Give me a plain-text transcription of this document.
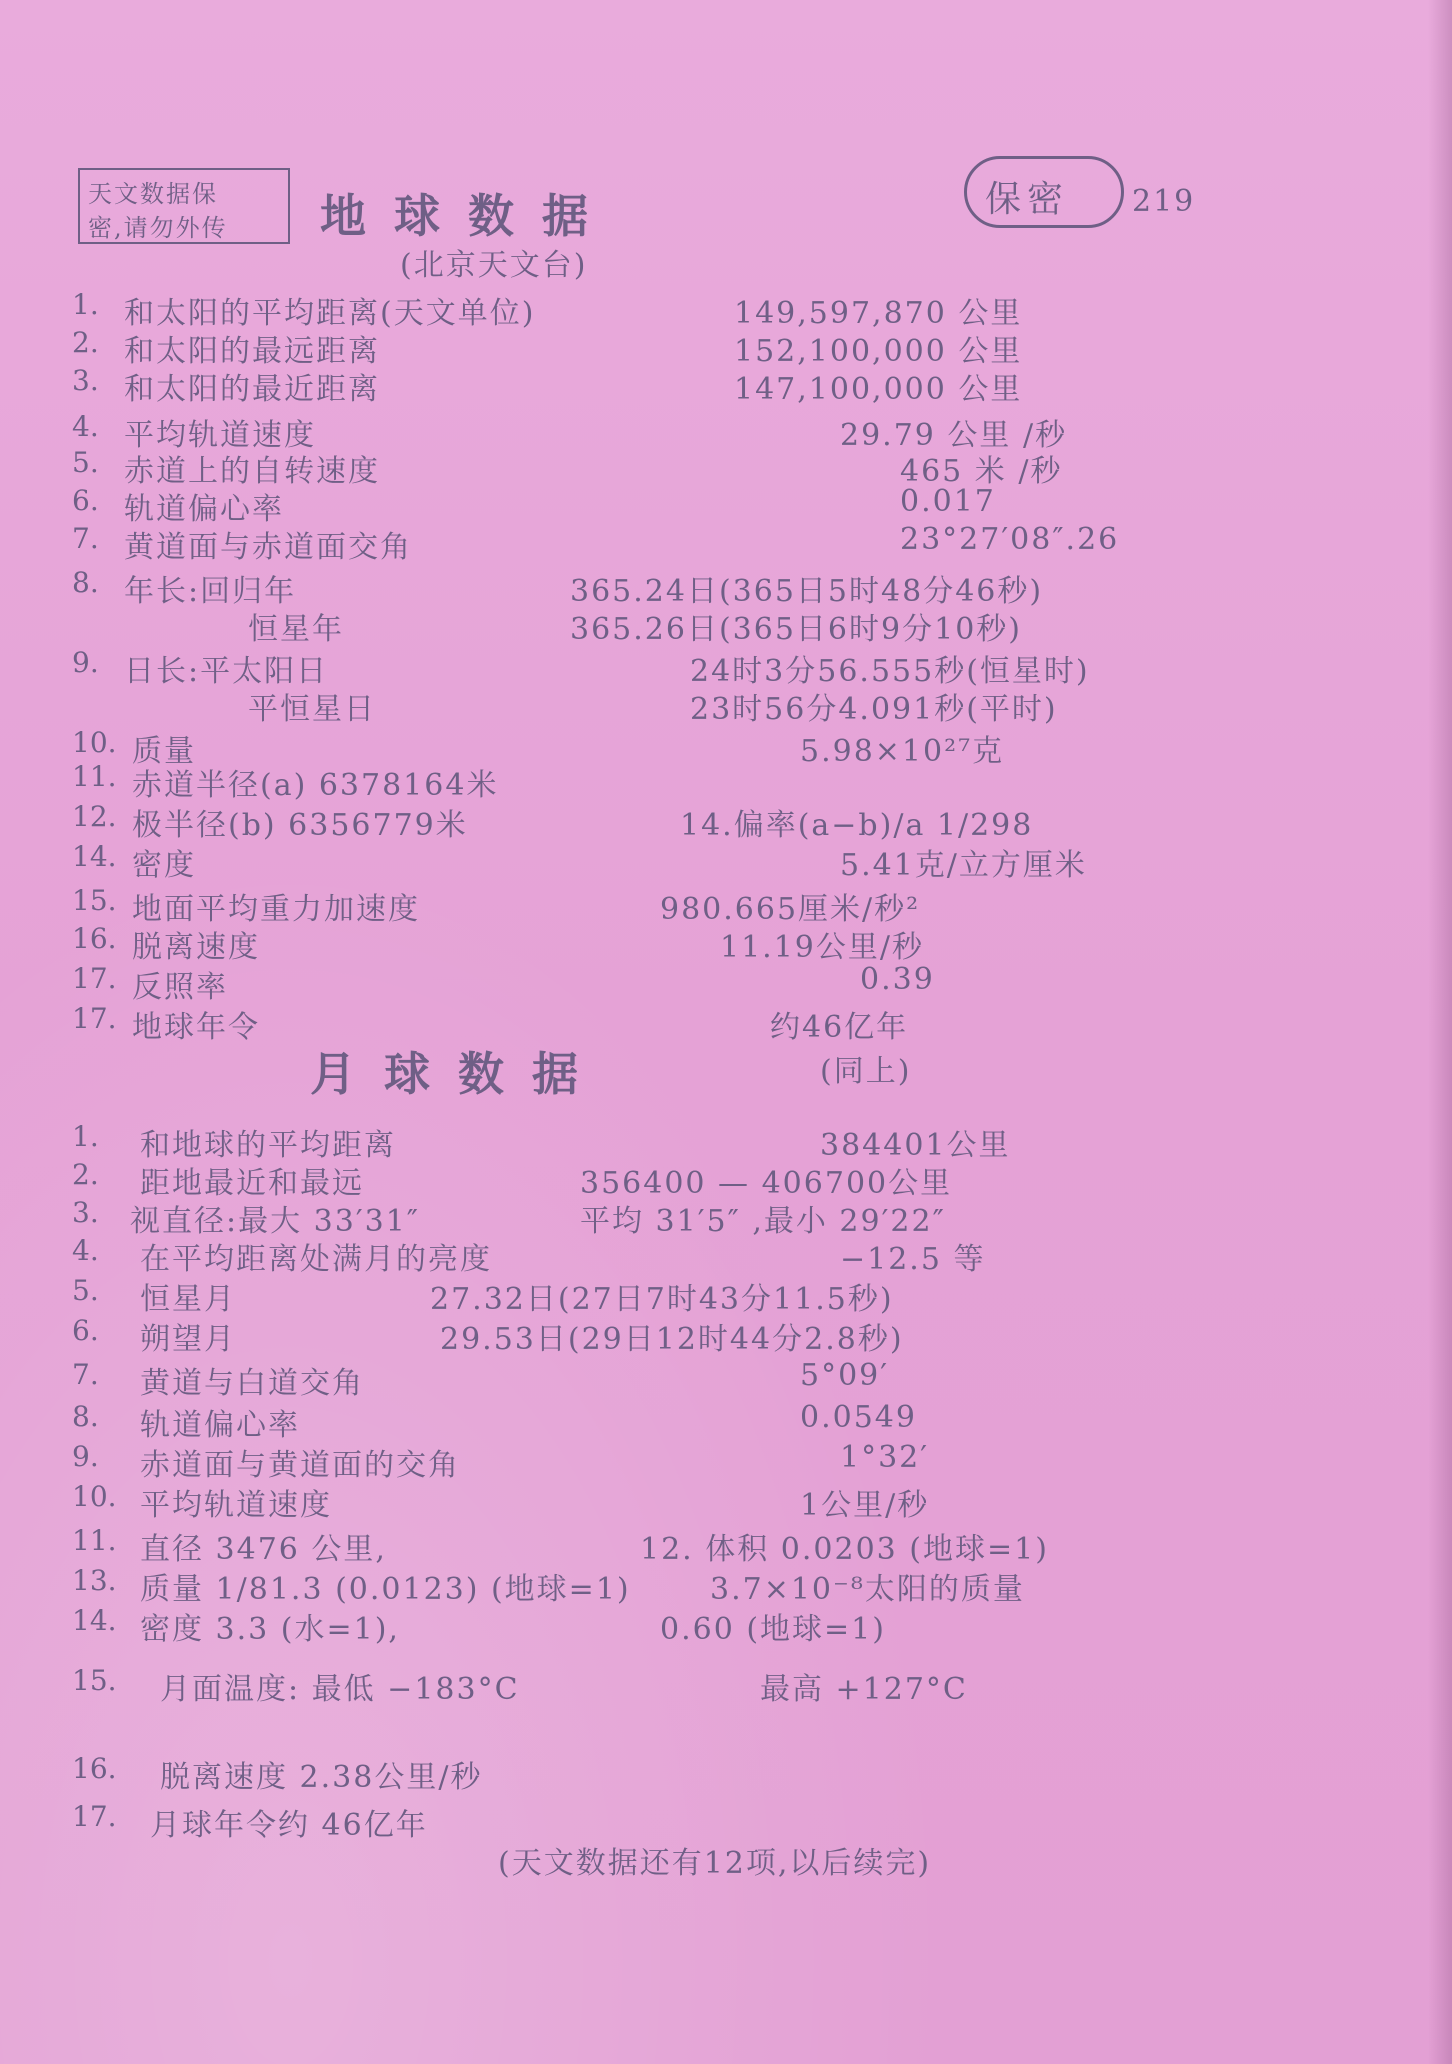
天文数据保
密,请勿外传 地 球 数 据	保密 219
(北京天文台)
1. 和太阳的平均距离(天文单位)	149,597,870 公里
2. 和太阳的最远距离	152,100,000 公里
3. 和太阳的最近距离	147,100,000 公里
4. 平均轨道速度	29.79 公里 /秒
5. 赤道上的自转速度	465 米 /秒
6. 轨道偏心率	0.017
7. 黄道面与赤道面交角	23°27′08″.26
8. 年长:回归年	365.24日(365日5时48分46秒)
恒星年	365.26日(365日6时9分10秒)
9. 日长:平太阳日	24时3分56.555秒(恒星时)
平恒星日	23时56分4.091秒(平时)
10. 质量	5.98×10²⁷克
11. 赤道半径(a) 6378164米
12. 极半径(b) 6356779米	14.偏率(a−b)/a 1/298
14. 密度	5.41克/立方厘米
15. 地面平均重力加速度	980.665厘米/秒²
16. 脱离速度	11.19公里/秒
17. 反照率	0.39
17. 地球年令	约46亿年
月 球 数 据	(同上)
1. 和地球的平均距离	384401公里
2. 距地最近和最远	356400 — 406700公里
3. 视直径:最大 33′31″	平均 31′5″ ,最小 29′22″
4. 在平均距离处满月的亮度	−12.5 等
5. 恒星月	27.32日(27日7时43分11.5秒)
6. 朔望月	29.53日(29日12时44分2.8秒)
7. 黄道与白道交角	5°09′
8. 轨道偏心率	0.0549
9. 赤道面与黄道面的交角	1°32′
10. 平均轨道速度	1公里/秒
11. 直径 3476 公里,	12. 体积 0.0203 (地球=1)
13. 质量 1/81.3 (0.0123) (地球=1)	3.7×10⁻⁸太阳的质量
14. 密度 3.3 (水=1),	0.60 (地球=1)
15. 月面温度: 最低 −183°C	最高 +127°C
16. 脱离速度 2.38公里/秒
17. 月球年令约 46亿年
(天文数据还有12项,以后续完)
